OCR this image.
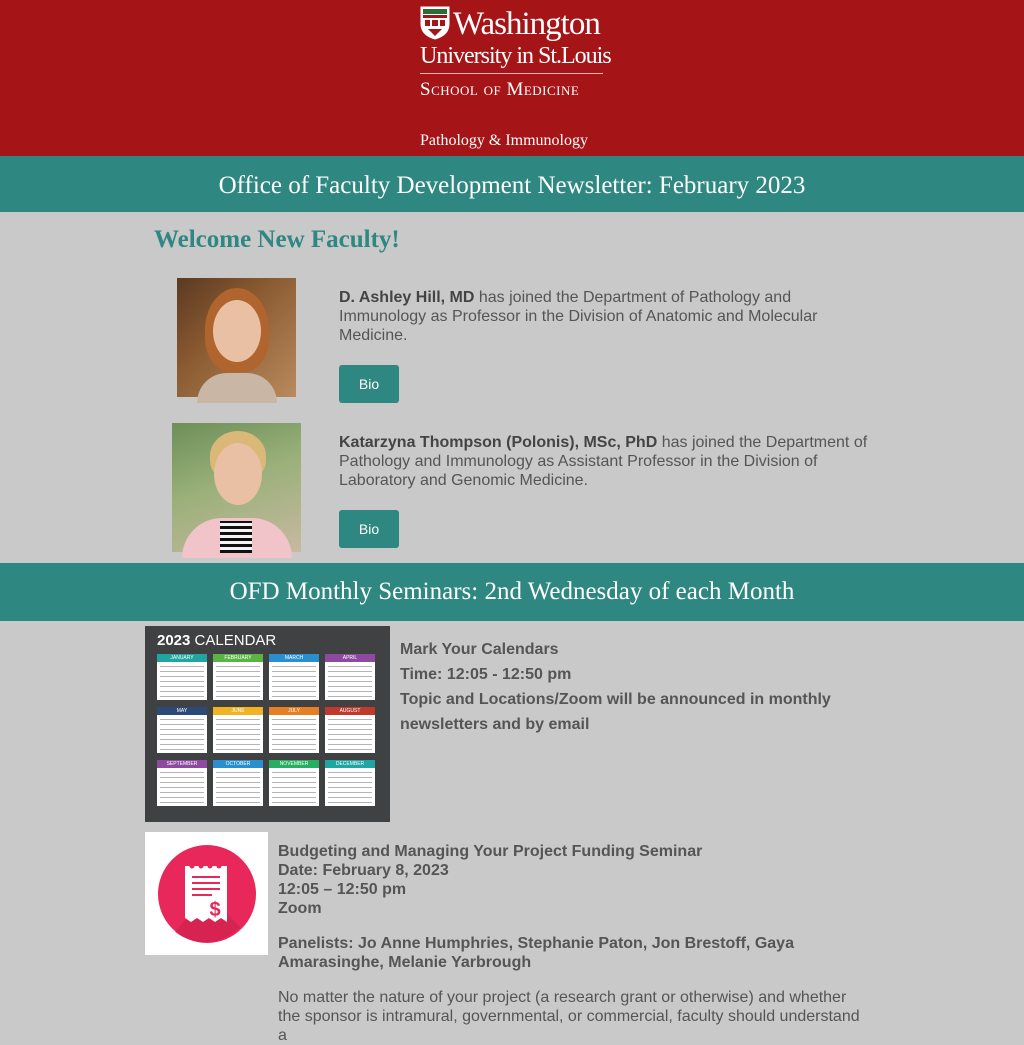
Washington
University in St.Louis
School of Medicine
Pathology & Immunology
Office of Faculty Development Newsletter: February 2023
Welcome New Faculty!
D. Ashley Hill, MD has joined the Department of Pathology and Immunology as Professor in the Division of Anatomic and Molecular Medicine.
Bio
Katarzyna Thompson (Polonis), MSc, PhD has joined the Department of Pathology and Immunology as Assistant Professor in the Division of Laboratory and Genomic Medicine.
Bio
OFD Monthly Seminars: 2nd Wednesday of each Month
2023 CALENDAR
JANUARY	FEBRUARY	MARCH	APRIL
MAY	JUNE	JULY	AUGUST
SEPTEMBER	OCTOBER	NOVEMBER	DECEMBER
Mark Your Calendars
Time: 12:05 - 12:50 pm
Topic and Locations/Zoom will be announced in monthly newsletters and by email
$
Budgeting and Managing Your Project Funding Seminar
Date: February 8, 2023
12:05 – 12:50 pm
Zoom
Panelists: Jo Anne Humphries, Stephanie Paton, Jon Brestoff, Gaya Amarasinghe, Melanie Yarbrough
No matter the nature of your project (a research grant or otherwise) and whether the sponsor is intramural, governmental, or commercial, faculty should understand a
